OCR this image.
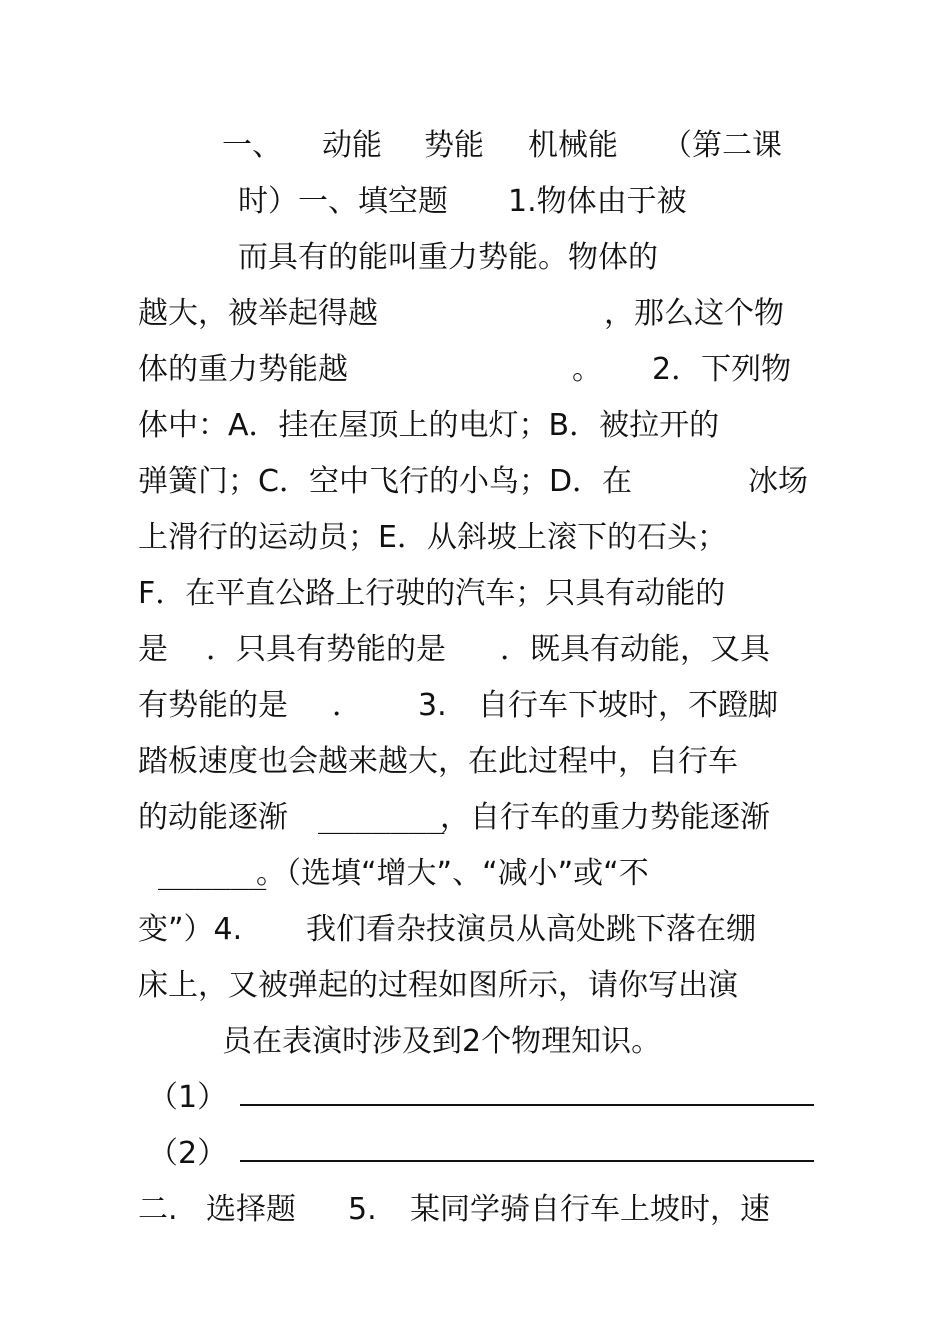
一、 动能 势能 机械能 （第二课
时）一、填空题 1.物体由于被
而具有的能叫重力势能。物体的
越大，被举起得越	，那么这个物
体的重力势能越	。 2．下列物
体中：A．挂在屋顶上的电灯；B．被拉开的
弹簧门；C．空中飞行的小鸟；D．在	冰场
上滑行的运动员；E．从斜坡上滚下的石头；
F．在平直公路上行驶的汽车；只具有动能的
是 ．只具有势能的是 ．既具有动能，又具
有势能的是 ． 3. 自行车下坡时，不蹬脚
踏板速度也会越来越大，在此过程中，自行车
的动能逐渐 _______
，自行车的重力势能逐渐
______
。（选填“增大”、“减小”或“不
变”）4. 我们看杂技演员从高处跳下落在绷
床上，又被弹起的过程如图所示，请你写出演
员在表演时涉及到2个物理知识。
（1）
（2）
二. 选择题 5. 某同学骑自行车上坡时，速
